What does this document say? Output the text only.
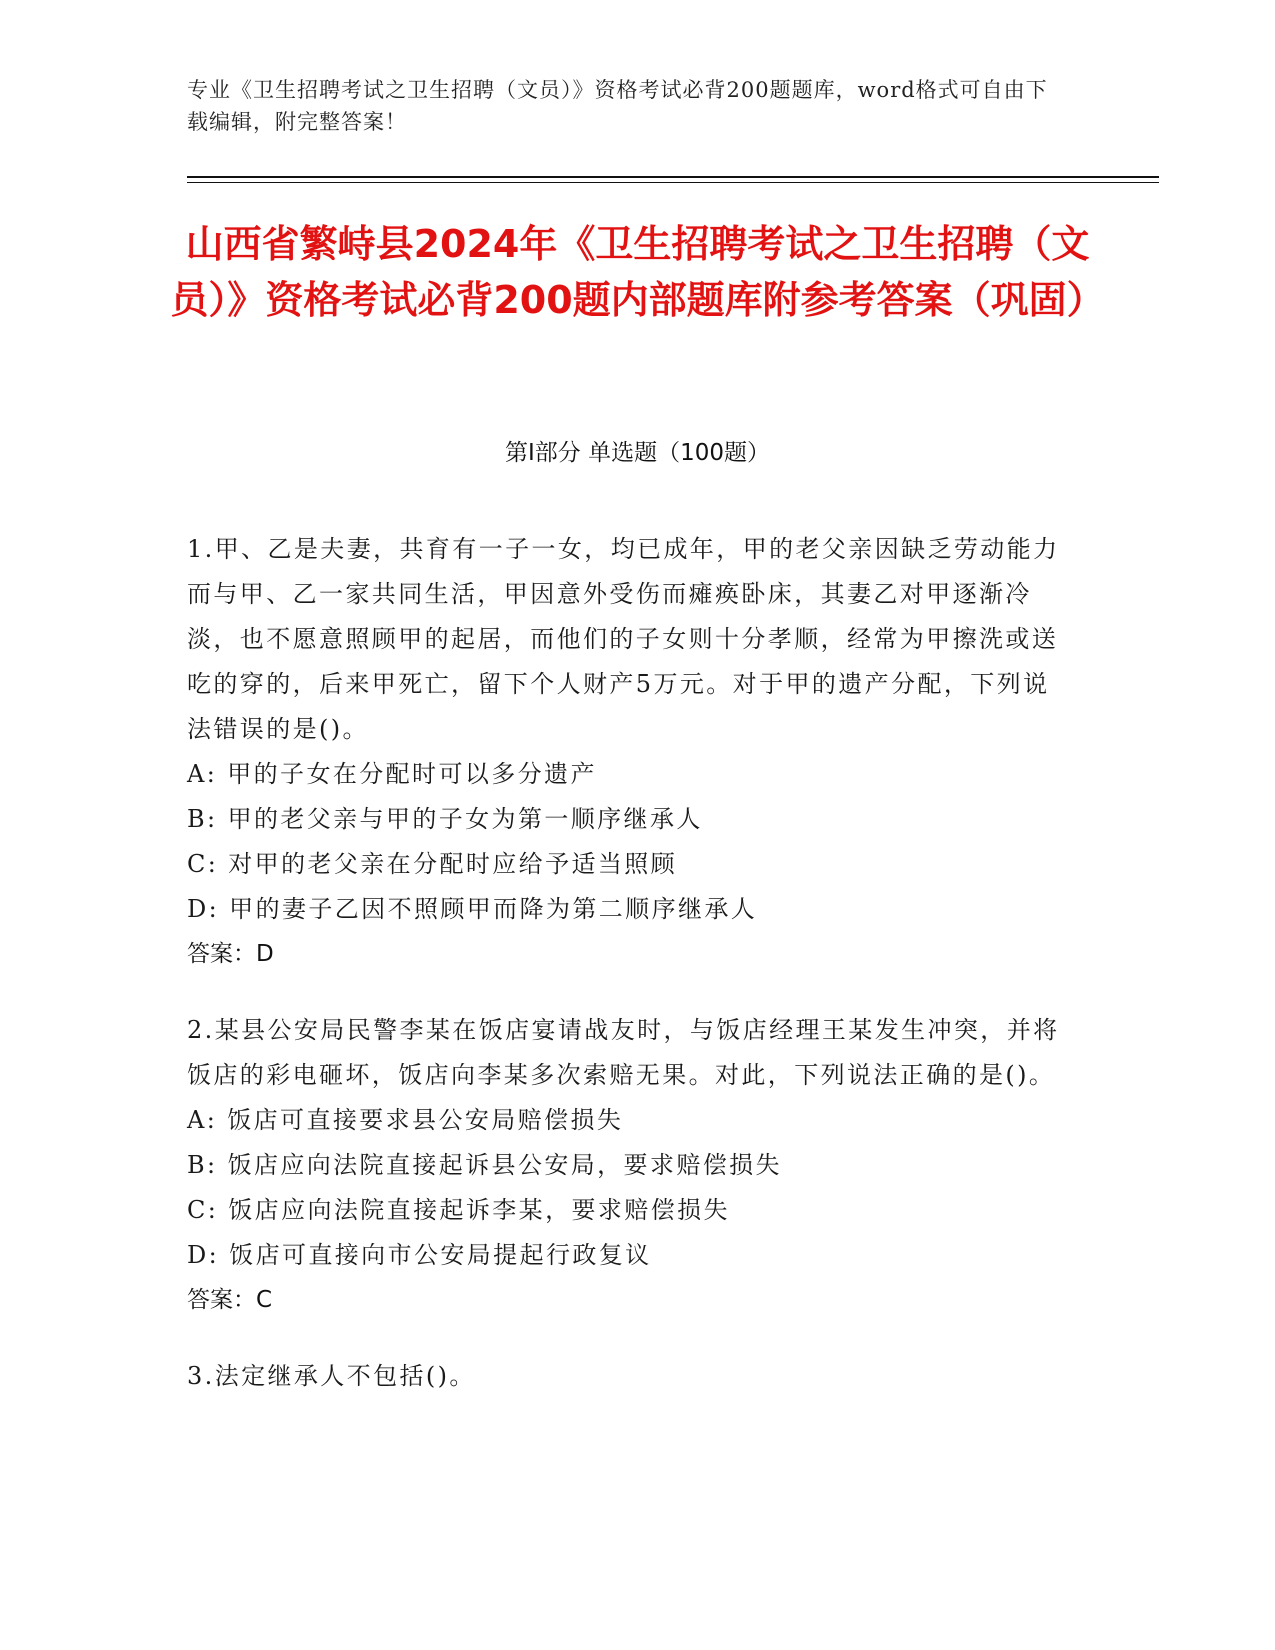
专业《卫生招聘考试之卫生招聘（文员）》资格考试必背200题题库，word格式可自由下载编辑，附完整答案！
山西省繁峙县2024年《卫生招聘考试之卫生招聘（文员）》资格考试必背200题内部题库附参考答案（巩固）
第Ⅰ部分 单选题（100题）
1.甲、乙是夫妻，共育有一子一女，均已成年，甲的老父亲因缺乏劳动能力而与甲、乙一家共同生活，甲因意外受伤而瘫痪卧床，其妻乙对甲逐渐冷淡，也不愿意照顾甲的起居，而他们的子女则十分孝顺，经常为甲擦洗或送吃的穿的，后来甲死亡，留下个人财产5万元。对于甲的遗产分配，下列说法错误的是()。
A: 甲的子女在分配时可以多分遗产
B: 甲的老父亲与甲的子女为第一顺序继承人
C: 对甲的老父亲在分配时应给予适当照顾
D: 甲的妻子乙因不照顾甲而降为第二顺序继承人
答案：D
2.某县公安局民警李某在饭店宴请战友时，与饭店经理王某发生冲突，并将饭店的彩电砸坏，饭店向李某多次索赔无果。对此，下列说法正确的是()。
A: 饭店可直接要求县公安局赔偿损失
B: 饭店应向法院直接起诉县公安局，要求赔偿损失
C: 饭店应向法院直接起诉李某，要求赔偿损失
D: 饭店可直接向市公安局提起行政复议
答案：C
3.法定继承人不包括()。
